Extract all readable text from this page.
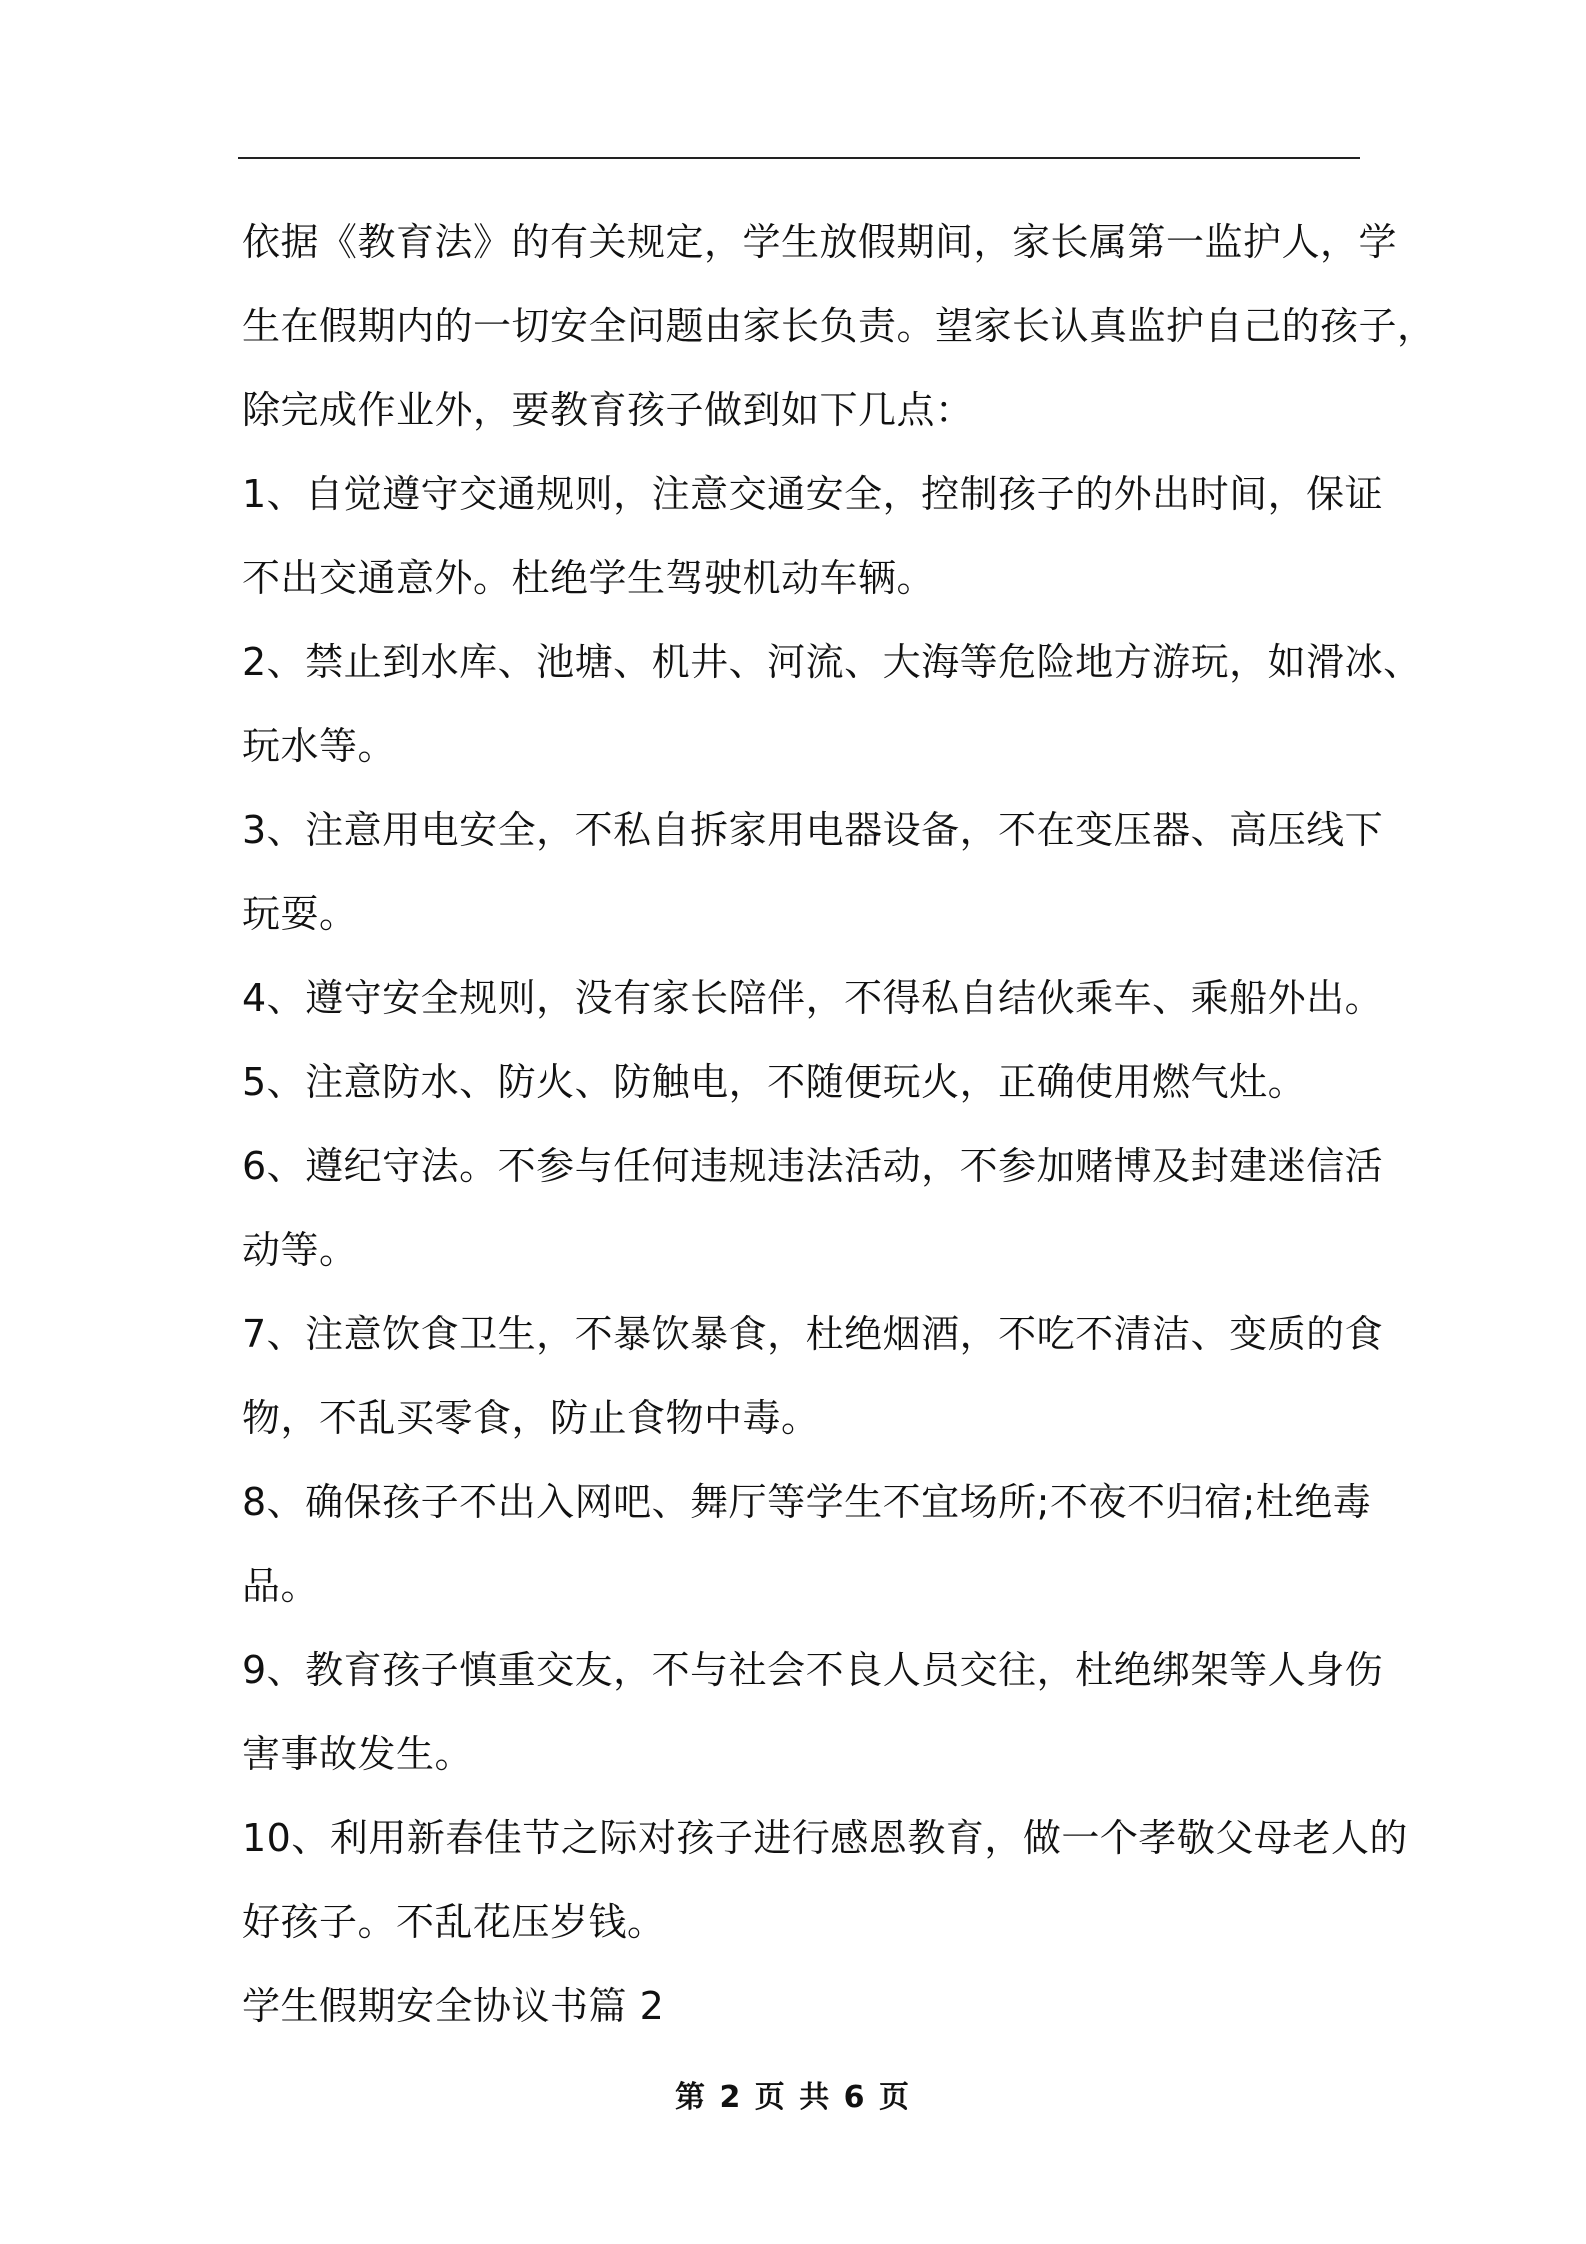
依据《教育法》的有关规定，学生放假期间，家长属第一监护人，学
生在假期内的一切安全问题由家长负责。望家长认真监护自己的孩子，
除完成作业外，要教育孩子做到如下几点：
1、自觉遵守交通规则，注意交通安全，控制孩子的外出时间，保证
不出交通意外。杜绝学生驾驶机动车辆。
2、禁止到水库、池塘、机井、河流、大海等危险地方游玩，如滑冰、
玩水等。
3、注意用电安全，不私自拆家用电器设备，不在变压器、高压线下
玩耍。
4、遵守安全规则，没有家长陪伴，不得私自结伙乘车、乘船外出。
5、注意防水、防火、防触电，不随便玩火，正确使用燃气灶。
6、遵纪守法。不参与任何违规违法活动，不参加赌博及封建迷信活
动等。
7、注意饮食卫生，不暴饮暴食，杜绝烟酒，不吃不清洁、变质的食
物，不乱买零食，防止食物中毒。
8、确保孩子不出入网吧、舞厅等学生不宜场所;不夜不归宿;杜绝毒
品。
9、教育孩子慎重交友，不与社会不良人员交往，杜绝绑架等人身伤
害事故发生。
10、利用新春佳节之际对孩子进行感恩教育，做一个孝敬父母老人的
好孩子。不乱花压岁钱。
学生假期安全协议书篇 2
第 2 页 共 6 页
